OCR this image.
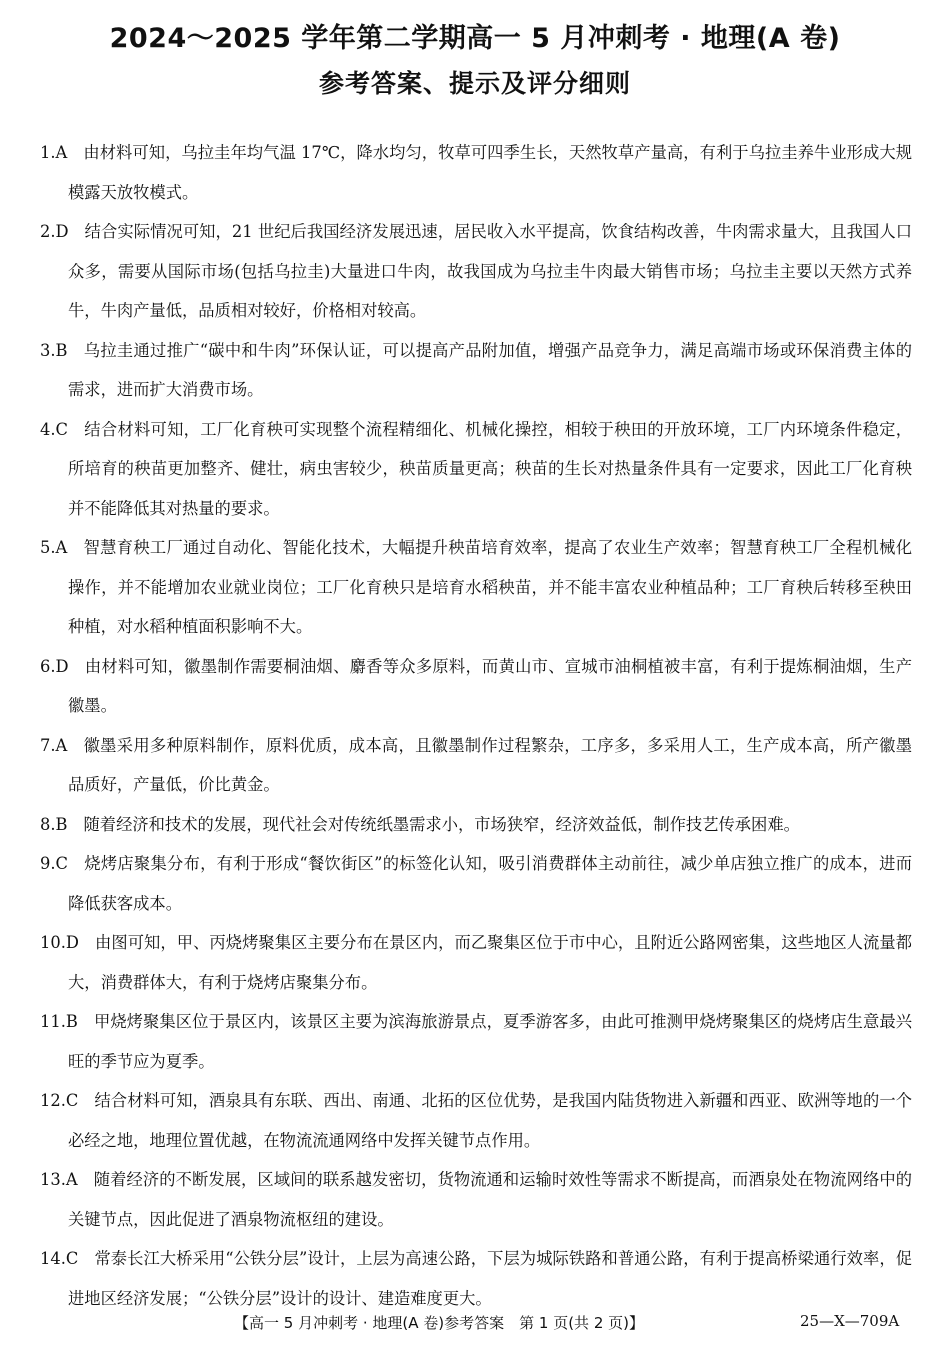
2024～2025 学年第二学期高一 5 月冲刺考 · 地理(A 卷)
参考答案、提示及评分细则
1.A 由材料可知，乌拉圭年均气温 17℃，降水均匀，牧草可四季生长，天然牧草产量高，有利于乌拉圭养牛业形成大规模露天放牧模式。
2.D 结合实际情况可知，21 世纪后我国经济发展迅速，居民收入水平提高，饮食结构改善，牛肉需求量大，且我国人口众多，需要从国际市场(包括乌拉圭)大量进口牛肉，故我国成为乌拉圭牛肉最大销售市场；乌拉圭主要以天然方式养牛，牛肉产量低，品质相对较好，价格相对较高。
3.B 乌拉圭通过推广“碳中和牛肉”环保认证，可以提高产品附加值，增强产品竞争力，满足高端市场或环保消费主体的需求，进而扩大消费市场。
4.C 结合材料可知，工厂化育秧可实现整个流程精细化、机械化操控，相较于秧田的开放环境，工厂内环境条件稳定，所培育的秧苗更加整齐、健壮，病虫害较少，秧苗质量更高；秧苗的生长对热量条件具有一定要求，因此工厂化育秧并不能降低其对热量的要求。
5.A 智慧育秧工厂通过自动化、智能化技术，大幅提升秧苗培育效率，提高了农业生产效率；智慧育秧工厂全程机械化操作，并不能增加农业就业岗位；工厂化育秧只是培育水稻秧苗，并不能丰富农业种植品种；工厂育秧后转移至秧田种植，对水稻种植面积影响不大。
6.D 由材料可知，徽墨制作需要桐油烟、麝香等众多原料，而黄山市、宣城市油桐植被丰富，有利于提炼桐油烟，生产徽墨。
7.A 徽墨采用多种原料制作，原料优质，成本高，且徽墨制作过程繁杂，工序多，多采用人工，生产成本高，所产徽墨品质好，产量低，价比黄金。
8.B 随着经济和技术的发展，现代社会对传统纸墨需求小，市场狭窄，经济效益低，制作技艺传承困难。
9.C 烧烤店聚集分布，有利于形成“餐饮街区”的标签化认知，吸引消费群体主动前往，减少单店独立推广的成本，进而降低获客成本。
10.D 由图可知，甲、丙烧烤聚集区主要分布在景区内，而乙聚集区位于市中心，且附近公路网密集，这些地区人流量都大，消费群体大，有利于烧烤店聚集分布。
11.B 甲烧烤聚集区位于景区内，该景区主要为滨海旅游景点，夏季游客多，由此可推测甲烧烤聚集区的烧烤店生意最兴旺的季节应为夏季。
12.C 结合材料可知，酒泉具有东联、西出、南通、北拓的区位优势，是我国内陆货物进入新疆和西亚、欧洲等地的一个必经之地，地理位置优越，在物流流通网络中发挥关键节点作用。
13.A 随着经济的不断发展，区域间的联系越发密切，货物流通和运输时效性等需求不断提高，而酒泉处在物流网络中的关键节点，因此促进了酒泉物流枢纽的建设。
14.C 常泰长江大桥采用“公铁分层”设计，上层为高速公路，下层为城际铁路和普通公路，有利于提高桥梁通行效率，促进地区经济发展；“公铁分层”设计的设计、建造难度更大。
【高一 5 月冲刺考 · 地理(A 卷)参考答案　第 1 页(共 2 页)】	25—X—709A
